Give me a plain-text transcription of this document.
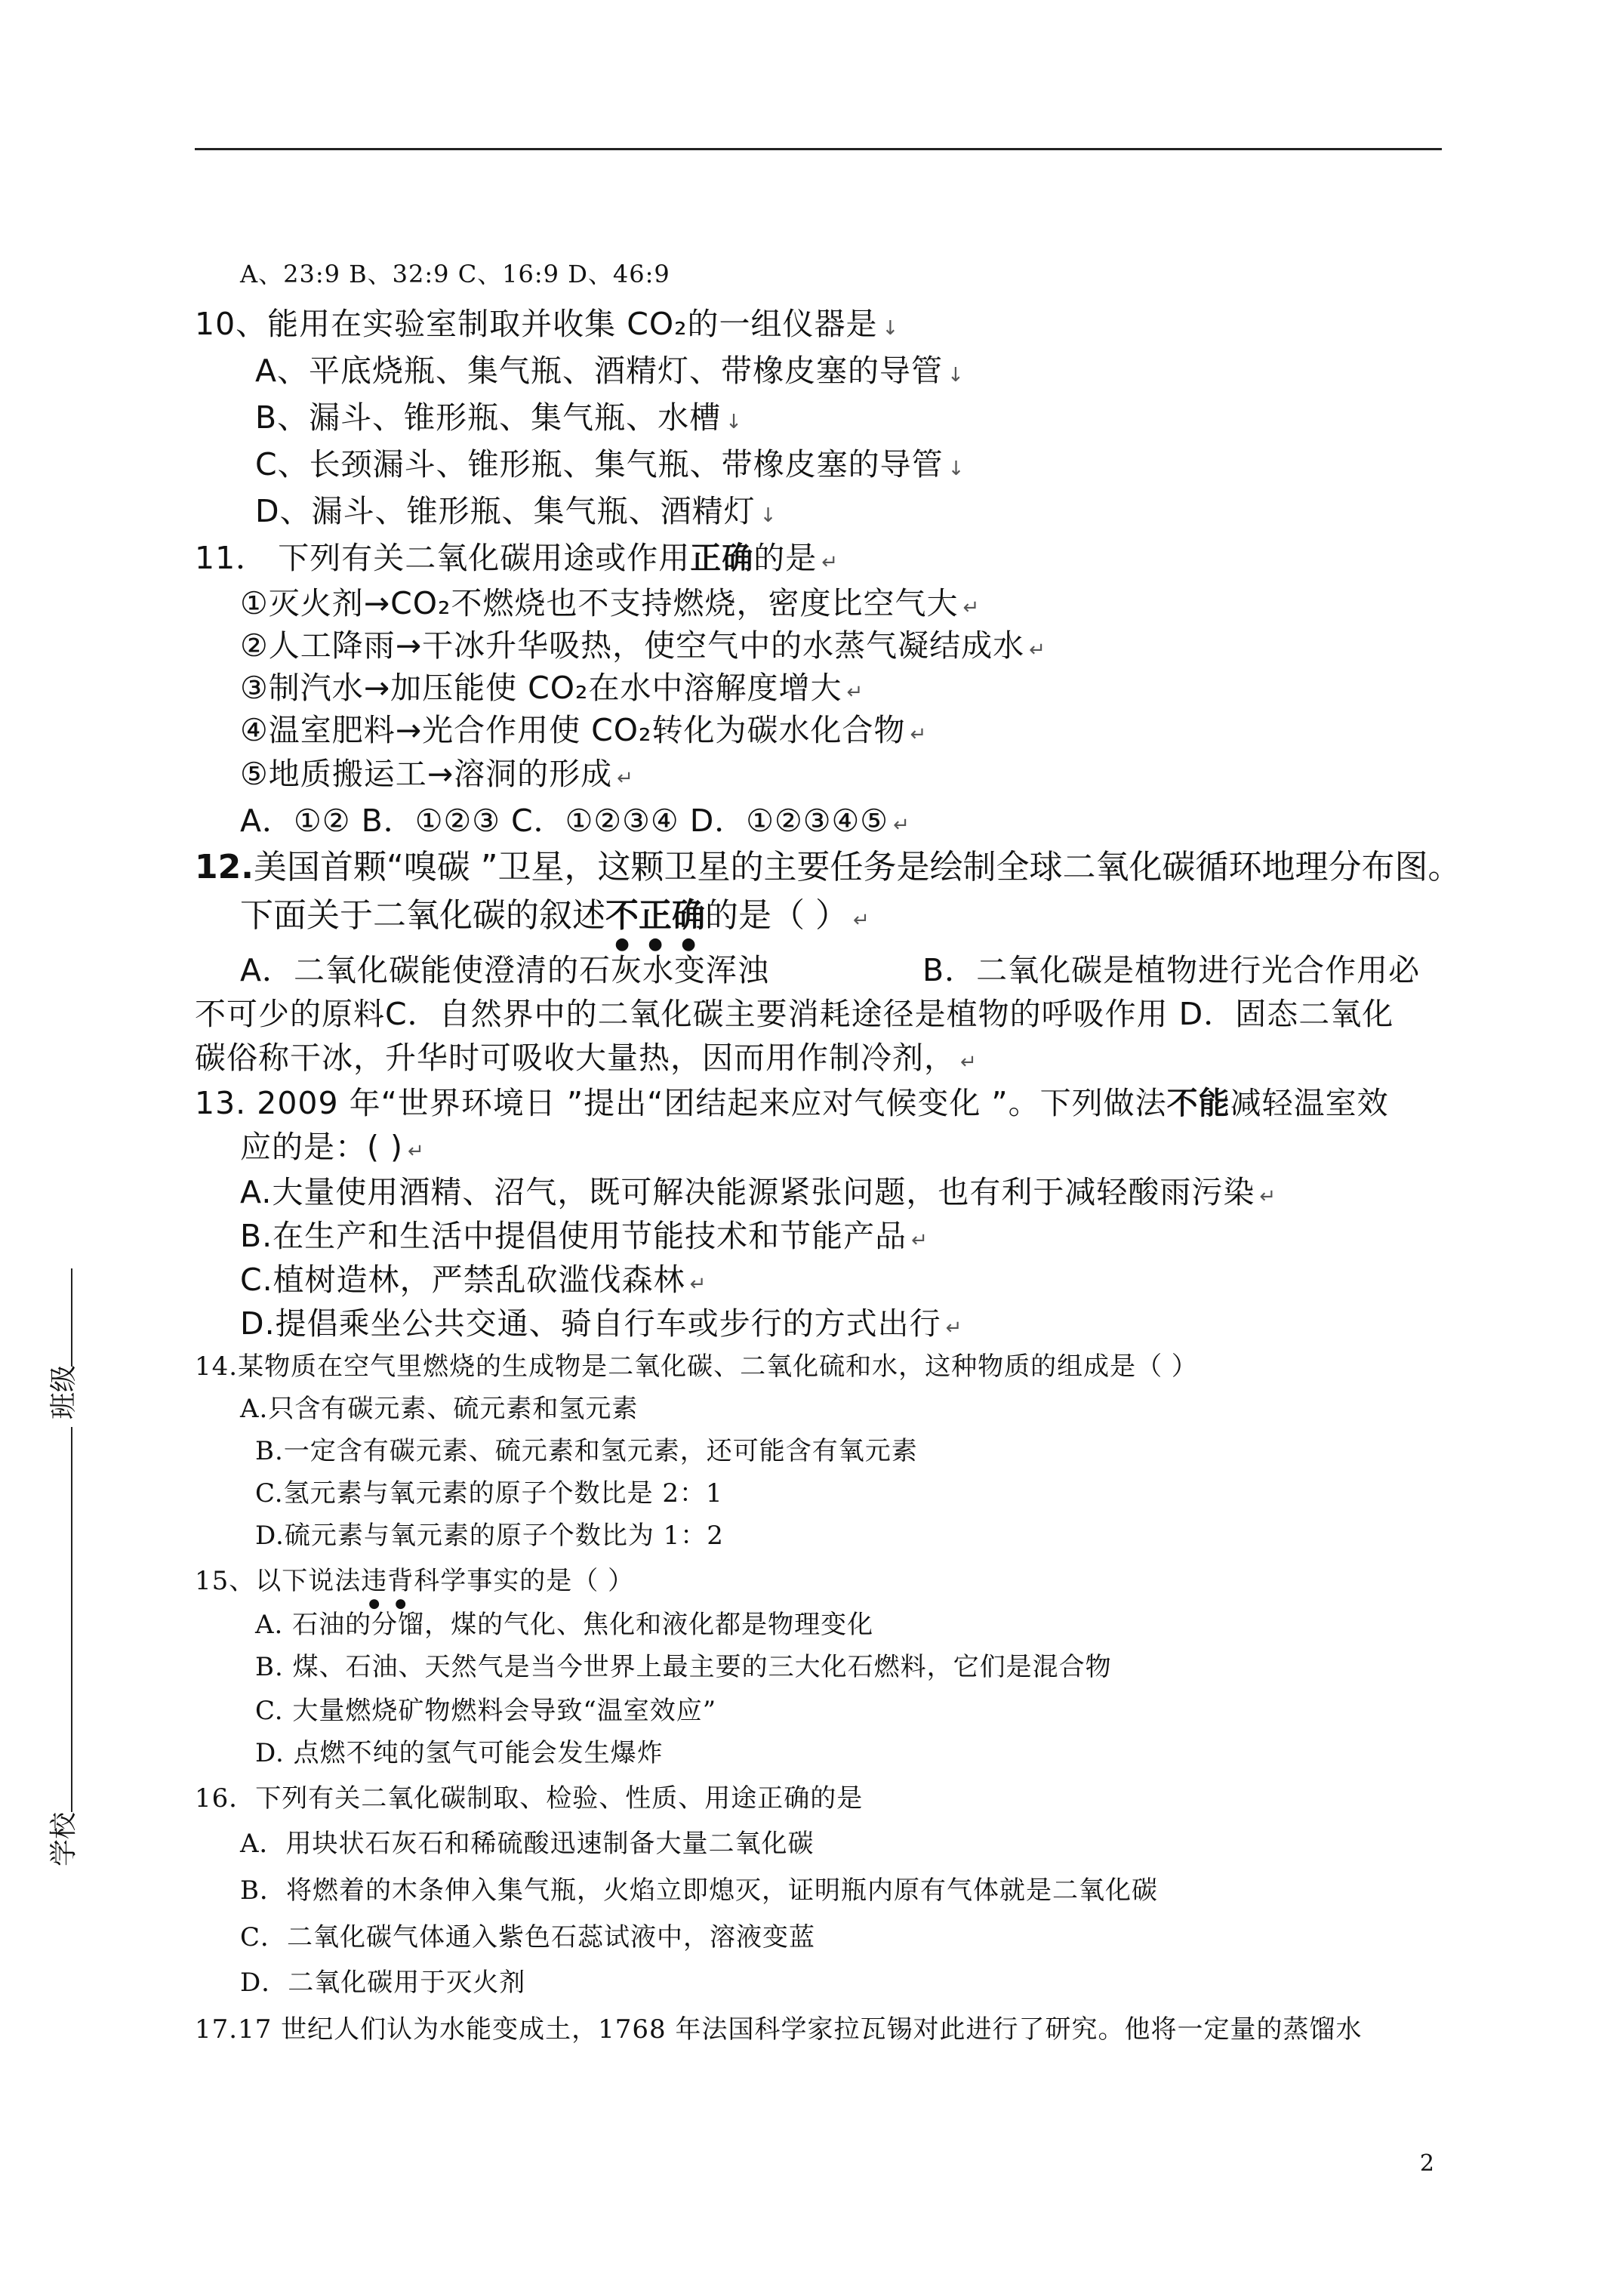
A、23:9 B、32:9 C、16:9 D、46:9
10、能用在实验室制取并收集 CO₂的一组仪器是 ↓
A、平底烧瓶、集气瓶、酒精灯、带橡皮塞的导管 ↓
B、漏斗、锥形瓶、集气瓶、水槽 ↓
C、长颈漏斗、锥形瓶、集气瓶、带橡皮塞的导管 ↓
D、漏斗、锥形瓶、集气瓶、酒精灯 ↓
11． 下列有关二氧化碳用途或作用正确的是 ↵
①灭火剂→CO₂不燃烧也不支持燃烧，密度比空气大 ↵
②人工降雨→干冰升华吸热，使空气中的水蒸气凝结成水 ↵
③制汽水→加压能使 CO₂在水中溶解度增大 ↵
④温室肥料→光合作用使 CO₂转化为碳水化合物 ↵
⑤地质搬运工→溶洞的形成 ↵
A．①② B．①②③ C．①②③④ D．①②③④⑤ ↵
12.美国首颗“嗅碳 ”卫星，这颗卫星的主要任务是绘制全球二氧化碳循环地理分布图。
下面关于二氧化碳的叙述不正确的是（ ） ↵
A．二氧化碳能使澄清的石灰水变浑浊	B．二氧化碳是植物进行光合作用必
不可少的原料C．自然界中的二氧化碳主要消耗途径是植物的呼吸作用 D．固态二氧化
碳俗称干冰，升华时可吸收大量热，因而用作制冷剂， ↵
13. 2009 年“世界环境日 ”提出“团结起来应对气候变化 ”。下列做法不能减轻温室效
应的是：( ) ↵
A.大量使用酒精、沼气，既可解决能源紧张问题，也有利于减轻酸雨污染 ↵
B.在生产和生活中提倡使用节能技术和节能产品 ↵
C.植树造林，严禁乱砍滥伐森林 ↵
D.提倡乘坐公共交通、骑自行车或步行的方式出行 ↵
14.某物质在空气里燃烧的生成物是二氧化碳、二氧化硫和水，这种物质的组成是（ ）
A.只含有碳元素、硫元素和氢元素
B.一定含有碳元素、硫元素和氢元素，还可能含有氧元素
C.氢元素与氧元素的原子个数比是 2：1
D.硫元素与氧元素的原子个数比为 1：2
15、以下说法违背科学事实的是（ ）
A. 石油的分馏，煤的气化、焦化和液化都是物理变化
B. 煤、石油、天然气是当今世界上最主要的三大化石燃料，它们是混合物
C. 大量燃烧矿物燃料会导致“温室效应”
D. 点燃不纯的氢气可能会发生爆炸
16．下列有关二氧化碳制取、检验、性质、用途正确的是
A．用块状石灰石和稀硫酸迅速制备大量二氧化碳
B．将燃着的木条伸入集气瓶，火焰立即熄灭，证明瓶内原有气体就是二氧化碳
C．二氧化碳气体通入紫色石蕊试液中，溶液变蓝
D．二氧化碳用于灭火剂
17.17 世纪人们认为水能变成土，1768 年法国科学家拉瓦锡对此进行了研究。他将一定量的蒸馏水
班级
学校
2
